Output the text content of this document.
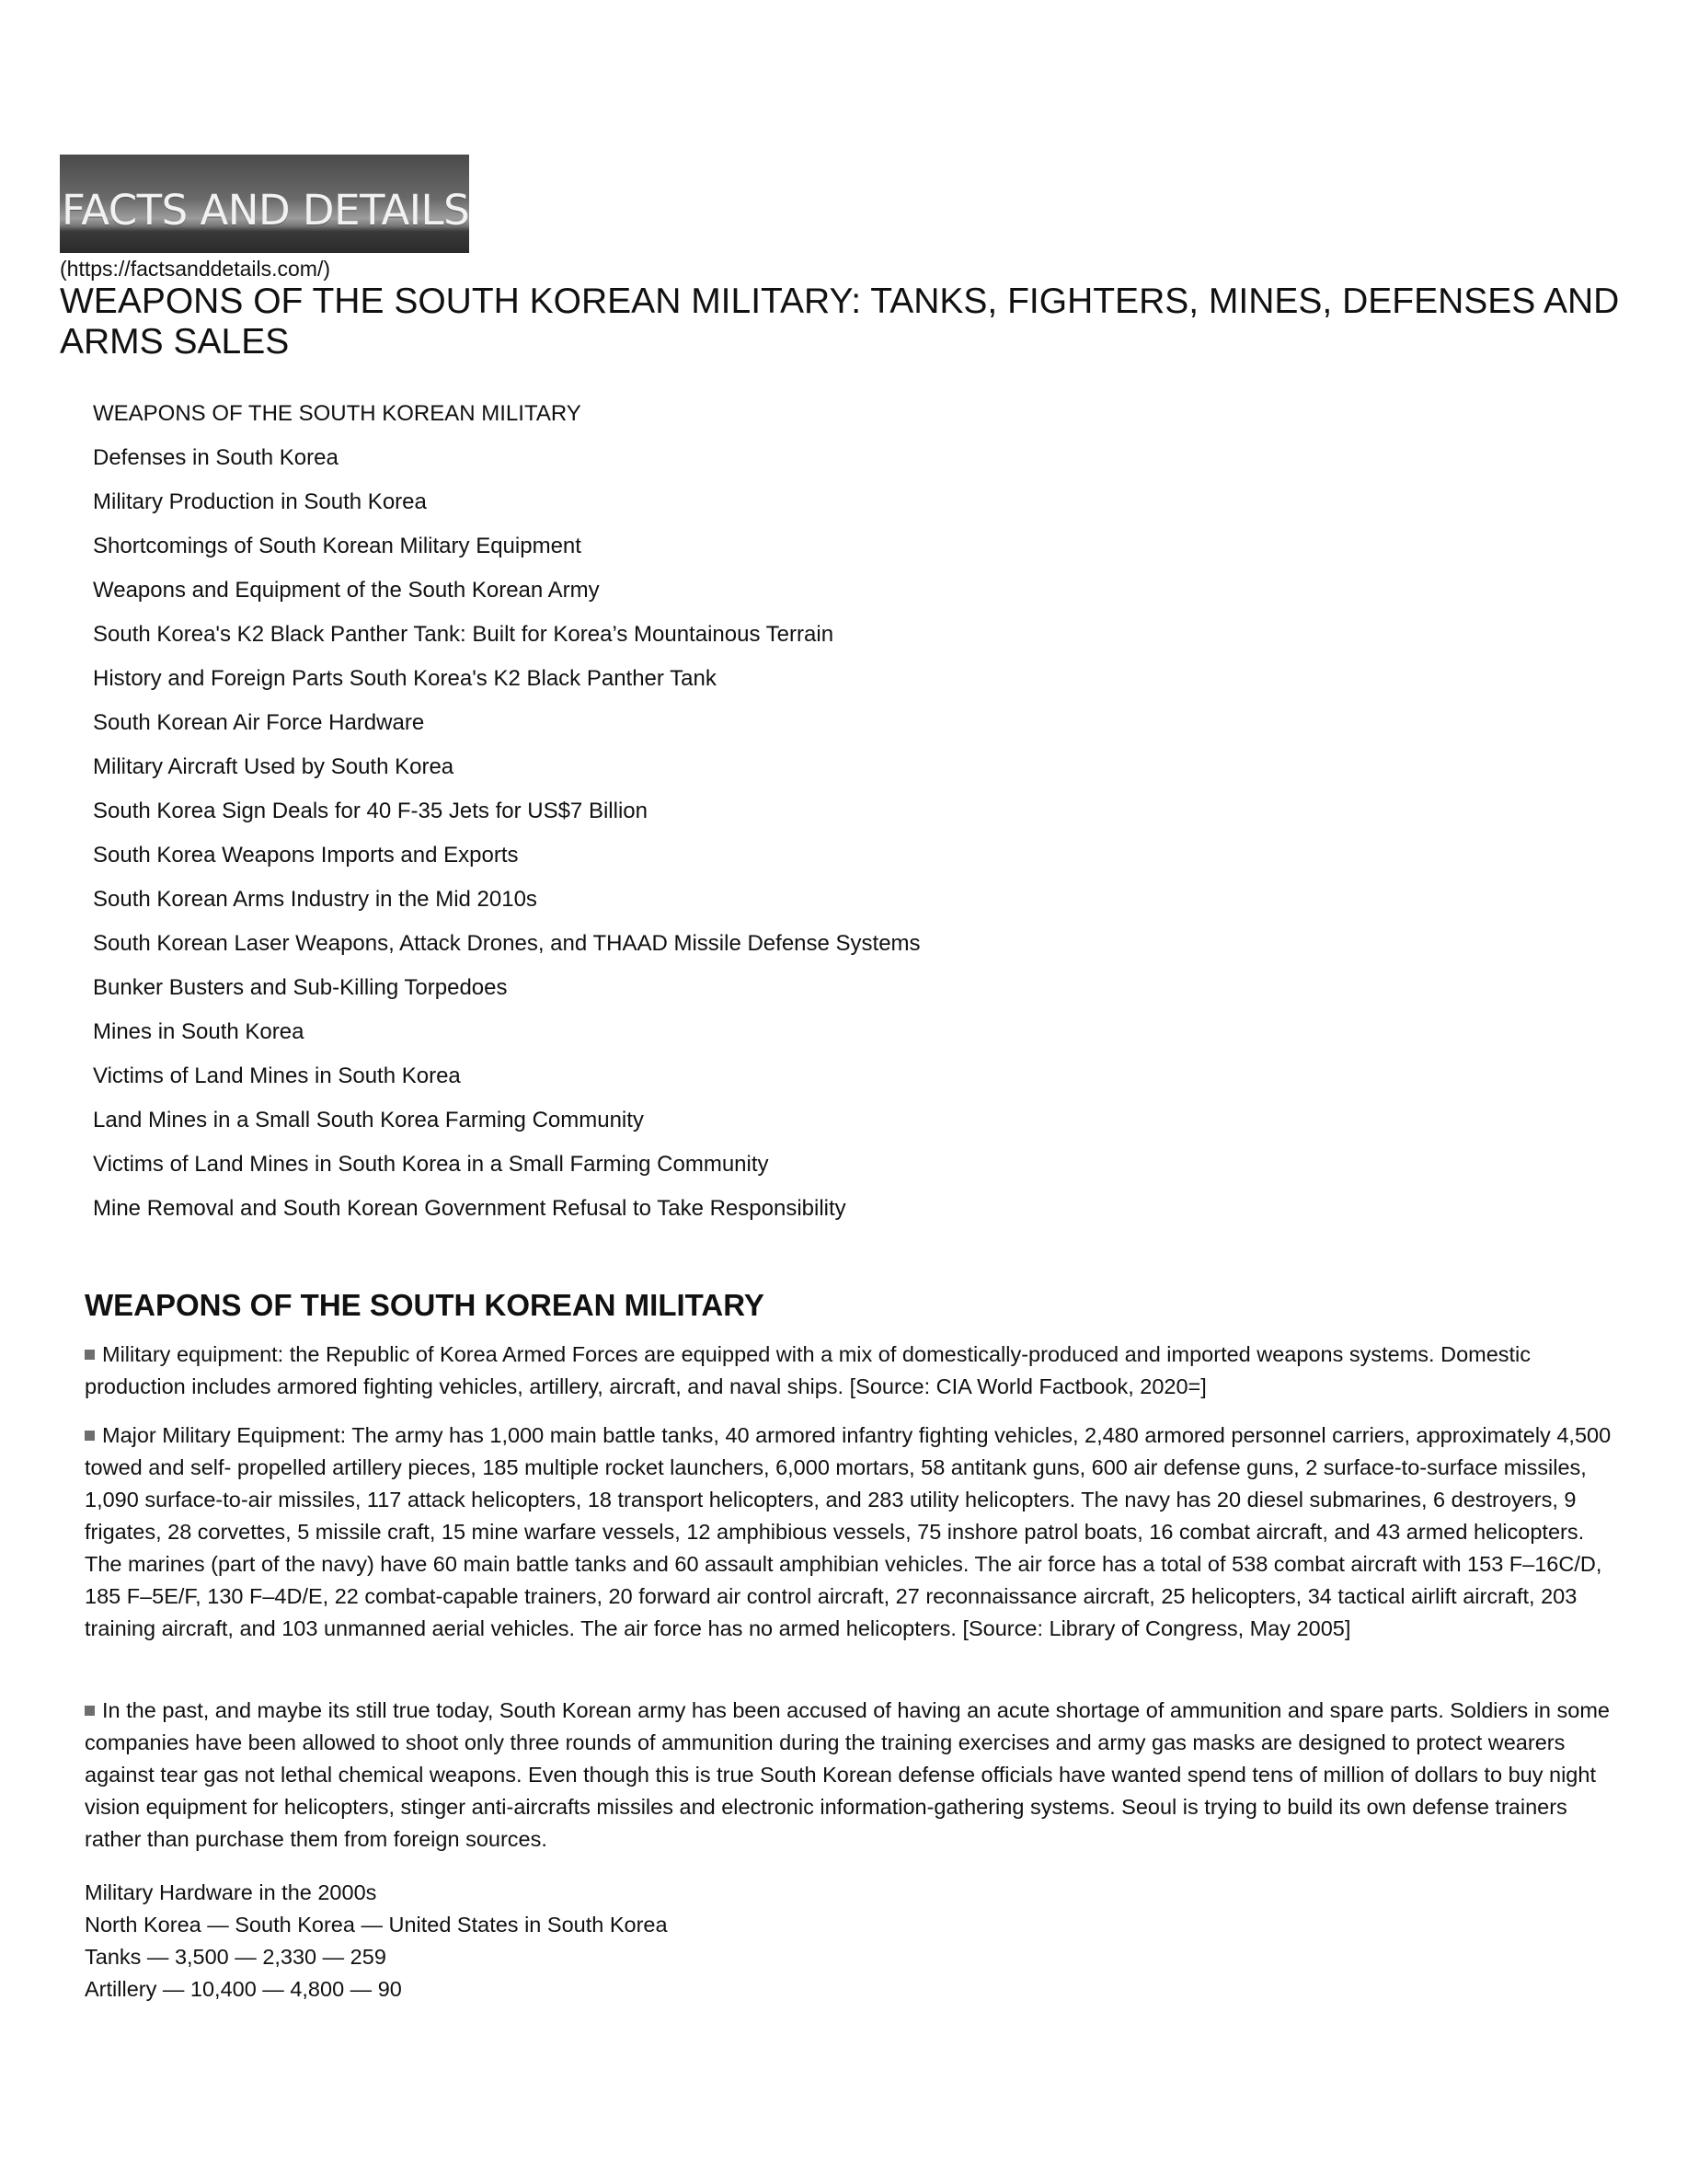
FACTS AND DETAILS
(https://factsanddetails.com/)
WEAPONS OF THE SOUTH KOREAN MILITARY: TANKS, FIGHTERS, MINES, DEFENSES AND ARMS SALES
WEAPONS OF THE SOUTH KOREAN MILITARY
Defenses in South Korea
Military Production in South Korea
Shortcomings of South Korean Military Equipment
Weapons and Equipment of the South Korean Army
South Korea's K2 Black Panther Tank: Built for Korea’s Mountainous Terrain
History and Foreign Parts South Korea's K2 Black Panther Tank
South Korean Air Force Hardware
Military Aircraft Used by South Korea
South Korea Sign Deals for 40 F-35 Jets for US$7 Billion
South Korea Weapons Imports and Exports
South Korean Arms Industry in the Mid 2010s
South Korean Laser Weapons, Attack Drones, and THAAD Missile Defense Systems
Bunker Busters and Sub-Killing Torpedoes
Mines in South Korea
Victims of Land Mines in South Korea
Land Mines in a Small South Korea Farming Community
Victims of Land Mines in South Korea in a Small Farming Community
Mine Removal and South Korean Government Refusal to Take Responsibility
WEAPONS OF THE SOUTH KOREAN MILITARY

Military equipment: the Republic of Korea Armed Forces are equipped with a mix of domestically-produced and imported weapons systems. Domestic production includes armored fighting vehicles, artillery, aircraft, and naval ships. [Source: CIA World Factbook, 2020=]

Major Military Equipment: The army has 1,000 main battle tanks, 40 armored infantry fighting vehicles, 2,480 armored personnel carriers, approximately 4,500 towed and self- propelled artillery pieces, 185 multiple rocket launchers, 6,000 mortars, 58 antitank guns, 600 air defense guns, 2 surface-to-surface missiles, 1,090 surface-to-air missiles, 117 attack helicopters, 18 transport helicopters, and 283 utility helicopters. The navy has 20 diesel submarines, 6 destroyers, 9 frigates, 28 corvettes, 5 missile craft, 15 mine warfare vessels, 12 amphibious vessels, 75 inshore patrol boats, 16 combat aircraft, and 43 armed helicopters. The marines (part of the navy) have 60 main battle tanks and 60 assault amphibian vehicles. The air force has a total of 538 combat aircraft with 153 F–16C/D, 185 F–5E/F, 130 F–4D/E, 22 combat-capable trainers, 20 forward air control aircraft, 27 reconnaissance aircraft, 25 helicopters, 34 tactical airlift aircraft, 203 training aircraft, and 103 unmanned aerial vehicles. The air force has no armed helicopters. [Source: Library of Congress, May 2005]

In the past, and maybe its still true today, South Korean army has been accused of having an acute shortage of ammunition and spare parts. Soldiers in some companies have been allowed to shoot only three rounds of ammunition during the training exercises and army gas masks are designed to protect wearers against tear gas not lethal chemical weapons. Even though this is true South Korean defense officials have wanted spend tens of million of dollars to buy night vision equipment for helicopters, stinger anti-aircrafts missiles and electronic information-gathering systems. Seoul is trying to build its own defense trainers rather than purchase them from foreign sources.

Military Hardware in the 2000s
North Korea — South Korea — United States in South Korea
Tanks — 3,500 — 2,330 — 259
Artillery — 10,400 — 4,800 — 90
